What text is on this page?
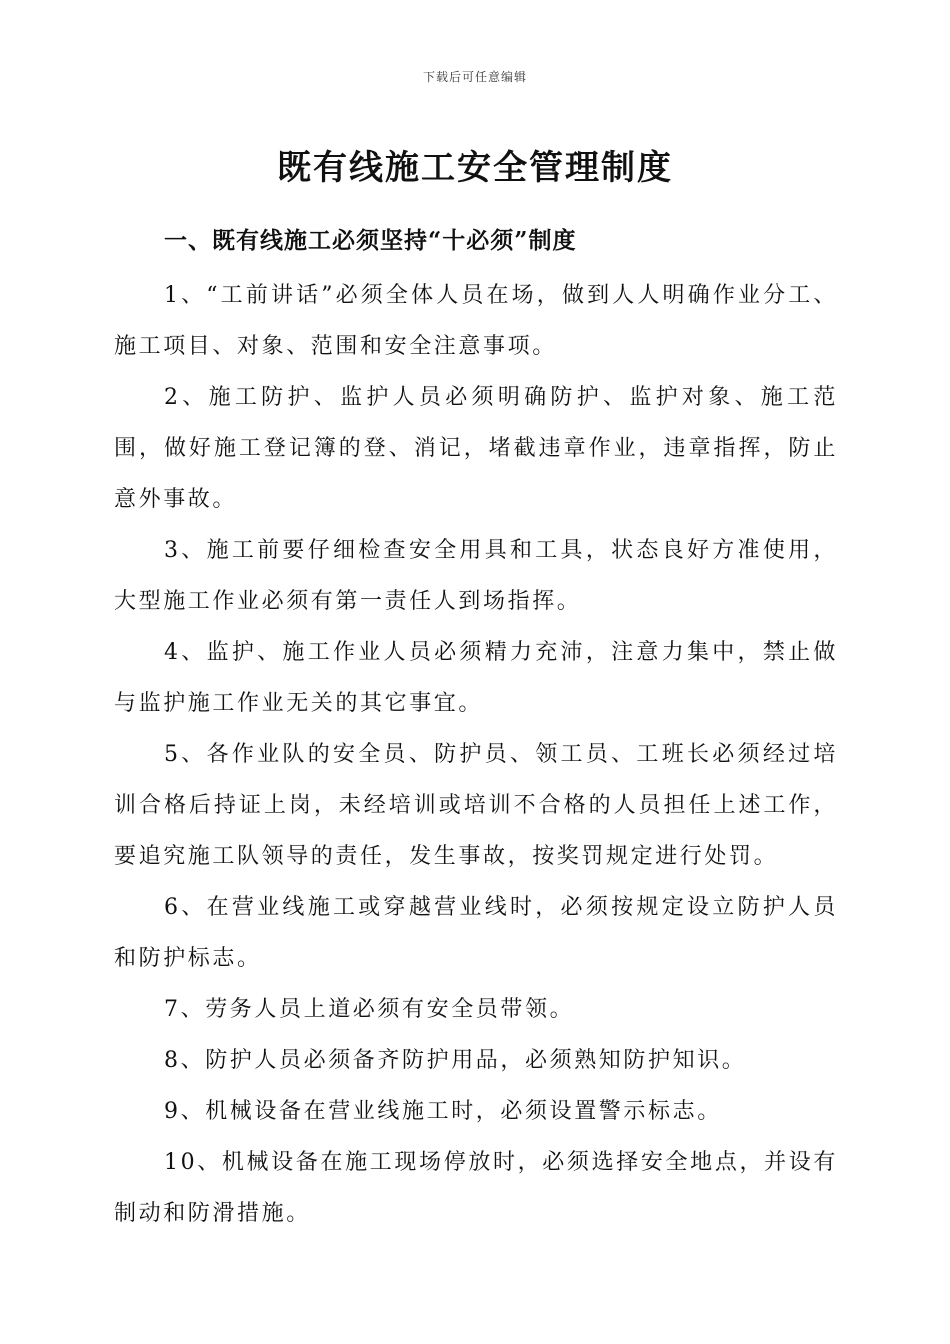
下载后可任意编辑
既有线施工安全管理制度
一、既有线施工必须坚持“十必须”制度

1、“工前讲话”必须全体人员在场，做到人人明确作业分工、施工项目、对象、范围和安全注意事项。

2、施工防护、监护人员必须明确防护、监护对象、施工范围，做好施工登记簿的登、消记，堵截违章作业，违章指挥，防止意外事故。

3、施工前要仔细检查安全用具和工具，状态良好方准使用，大型施工作业必须有第一责任人到场指挥。

4、监护、施工作业人员必须精力充沛，注意力集中，禁止做与监护施工作业无关的其它事宜。

5、各作业队的安全员、防护员、领工员、工班长必须经过培训合格后持证上岗，未经培训或培训不合格的人员担任上述工作，要追究施工队领导的责任，发生事故，按奖罚规定进行处罚。

6、在营业线施工或穿越营业线时，必须按规定设立防护人员和防护标志。

7、劳务人员上道必须有安全员带领。

8、防护人员必须备齐防护用品，必须熟知防护知识。

9、机械设备在营业线施工时，必须设置警示标志。

10、机械设备在施工现场停放时，必须选择安全地点，并设有制动和防滑措施。
